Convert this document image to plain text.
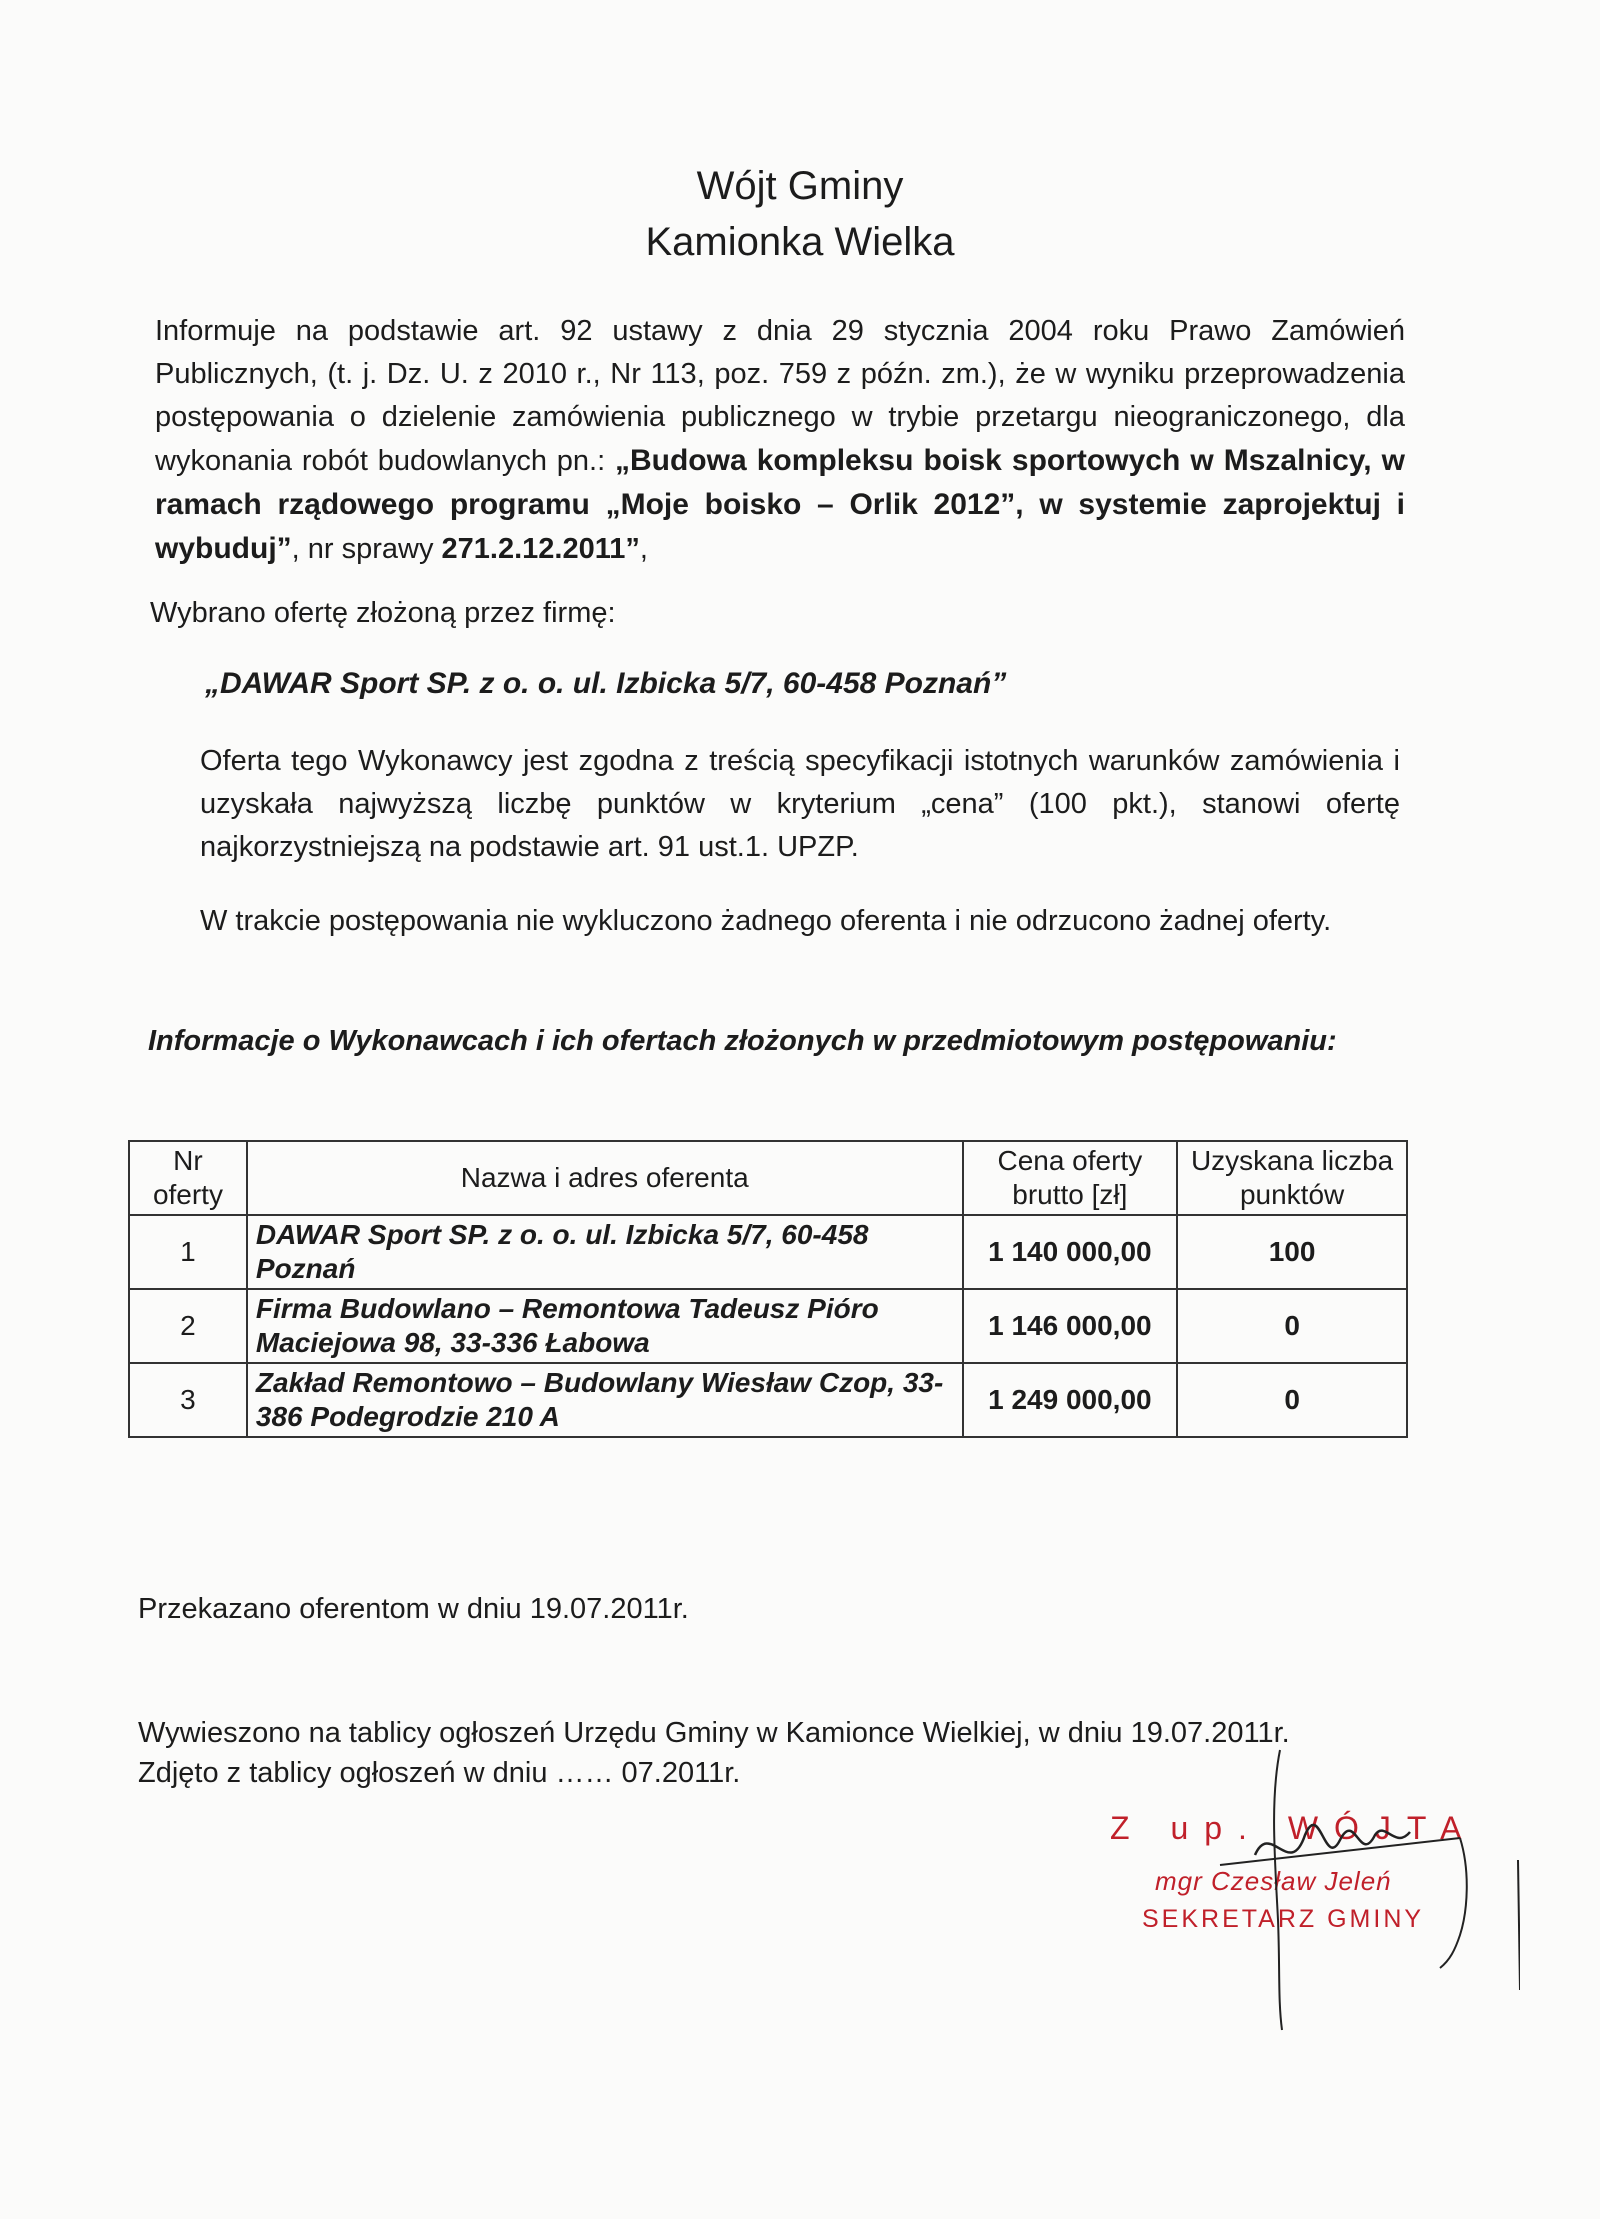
Wójt Gminy
Kamionka Wielka
Informuje na podstawie art. 92 ustawy z dnia 29 stycznia 2004 roku Prawo Zamówień Publicznych, (t. j. Dz. U. z 2010 r., Nr 113, poz. 759 z późn. zm.), że w wyniku przeprowadzenia postępowania o dzielenie zamówienia publicznego w trybie przetargu nieograniczonego, dla wykonania robót budowlanych pn.: „Budowa kompleksu boisk sportowych w Mszalnicy, w ramach rządowego programu „Moje boisko – Orlik 2012”, w systemie zaprojektuj i wybuduj”, nr sprawy 271.2.12.2011”,
Wybrano ofertę złożoną przez firmę:
„DAWAR Sport SP. z o. o. ul. Izbicka 5/7, 60-458 Poznań”
Oferta tego Wykonawcy jest zgodna z treścią specyfikacji istotnych warunków zamówienia i uzyskała najwyższą liczbę punktów w kryterium „cena” (100 pkt.), stanowi ofertę najkorzystniejszą na podstawie art. 91 ust.1. UPZP.
W trakcie postępowania nie wykluczono żadnego oferenta i nie odrzucono żadnej oferty.
Informacje o Wykonawcach i ich ofertach złożonych w przedmiotowym postępowaniu:
Nr oferty	Nazwa i adres oferenta	Cena oferty brutto [zł]	Uzyskana liczba punktów
1	DAWAR Sport SP. z o. o. ul. Izbicka 5/7, 60-458 Poznań	1 140 000,00	100
2	Firma Budowlano – Remontowa Tadeusz Pióro Maciejowa 98, 33-336 Łabowa	1 146 000,00	0
3	Zakład Remontowo – Budowlany Wiesław Czop, 33-386 Podegrodzie 210 A	1 249 000,00	0
Przekazano oferentom w dniu 19.07.2011r.
Wywieszono na tablicy ogłoszeń Urzędu Gminy w Kamionce Wielkiej, w dniu 19.07.2011r.
Zdjęto z tablicy ogłoszeń w dniu …… 07.2011r.
Z up. WÓJTA
mgr Czesław Jeleń
SEKRETARZ GMINY
